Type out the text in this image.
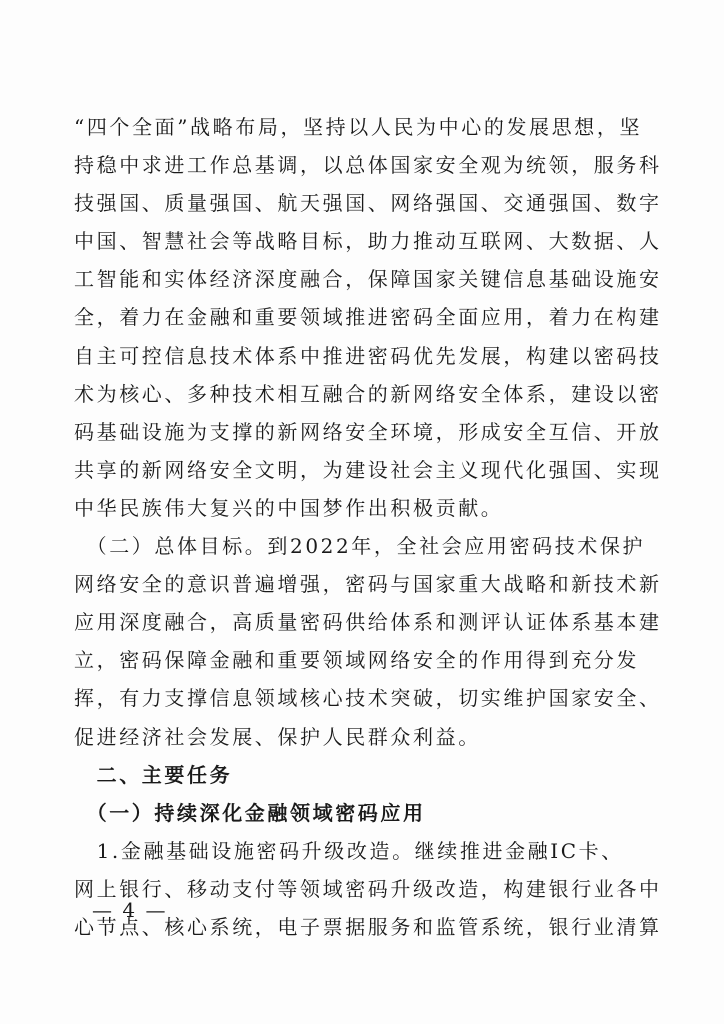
“四个全面”战略布局，坚持以人民为中心的发展思想，坚
持稳中求进工作总基调，以总体国家安全观为统领，服务科
技强国、质量强国、航天强国、网络强国、交通强国、数字
中国、智慧社会等战略目标，助力推动互联网、大数据、人
工智能和实体经济深度融合，保障国家关键信息基础设施安
全，着力在金融和重要领域推进密码全面应用，着力在构建
自主可控信息技术体系中推进密码优先发展，构建以密码技
术为核心、多种技术相互融合的新网络安全体系，建设以密
码基础设施为支撑的新网络安全环境，形成安全互信、开放
共享的新网络安全文明，为建设社会主义现代化强国、实现
中华民族伟大复兴的中国梦作出积极贡献。
　（二）总体目标。到2022年，全社会应用密码技术保护
网络安全的意识普遍增强，密码与国家重大战略和新技术新
应用深度融合，高质量密码供给体系和测评认证体系基本建
立，密码保障金融和重要领域网络安全的作用得到充分发
挥，有力支撑信息领域核心技术突破，切实维护国家安全、
促进经济社会发展、保护人民群众利益。
　二、主要任务
　（一）持续深化金融领域密码应用
　1.金融基础设施密码升级改造。继续推进金融IC卡、
网上银行、移动支付等领域密码升级改造，构建银行业各中
心节点、核心系统，电子票据服务和监管系统，银行业清算
— 4 —
